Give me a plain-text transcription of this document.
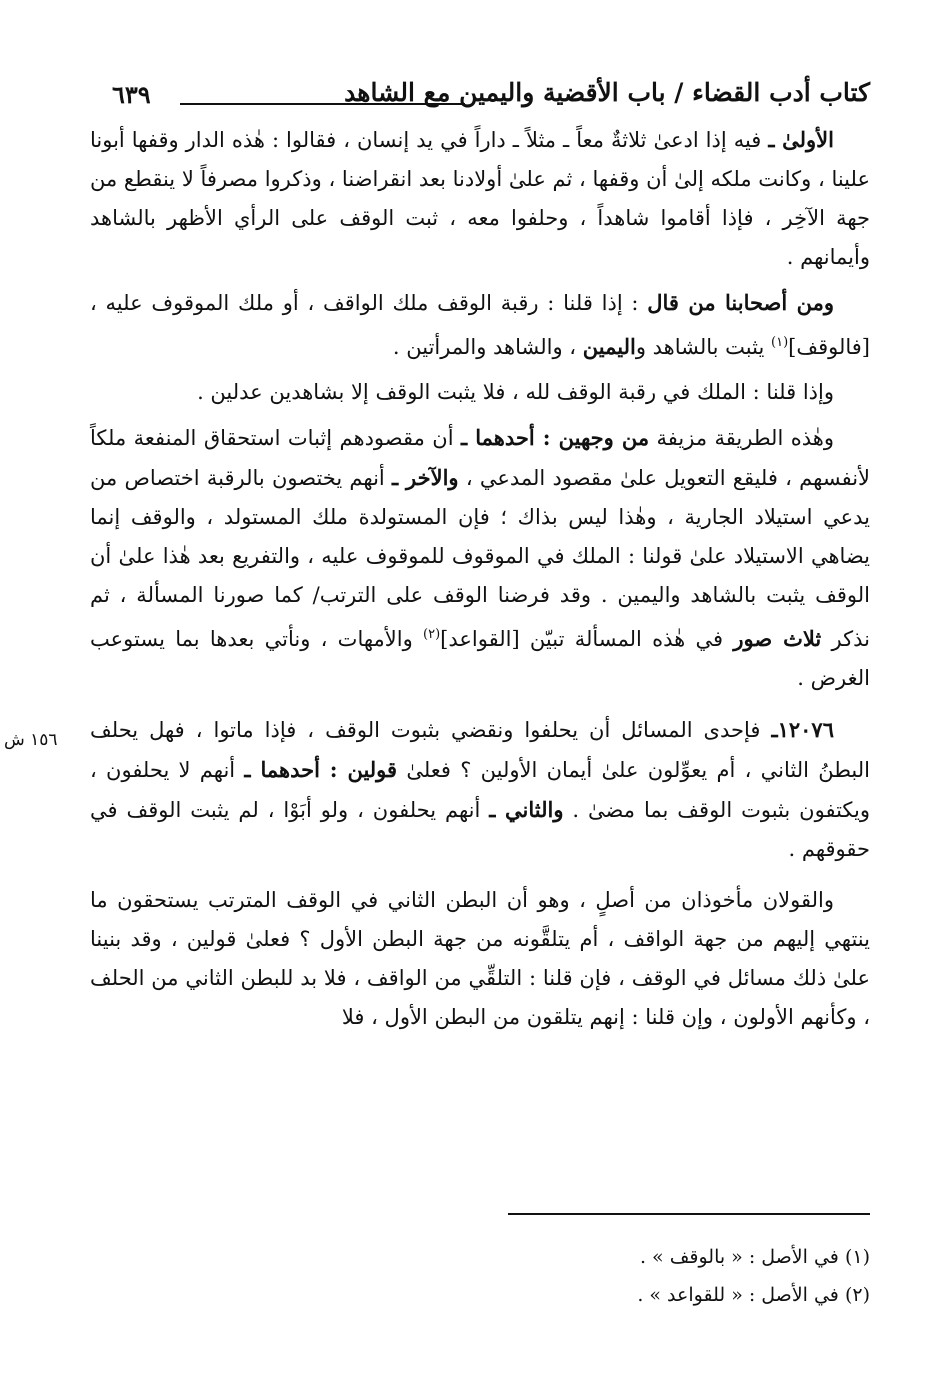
كتاب أدب القضاء / باب الأقضية واليمين مع الشاهد
٦٣٩

الأولىٰ ـ فيه إذا ادعىٰ ثلاثةٌ معاً ـ مثلاً ـ داراً في يد إنسان ، فقالوا : هٰذه الدار وقفها أبونا علينا ، وكانت ملكه إلىٰ أن وقفها ، ثم علىٰ أولادنا بعد انقراضنا ، وذكروا مصرفاً لا ينقطع من جهة الآخِر ، فإذا أقاموا شاهداً ، وحلفوا معه ، ثبت الوقف على الرأي الأظهر بالشاهد وأيمانهم .

ومن أصحابنا من قال : إذا قلنا : رقبة الوقف ملك الواقف ، أو ملك الموقوف عليه ، [فالوقف]$^{(١)}$ يثبت بالشاهد واليمين ، والشاهد والمرأتين .

وإذا قلنا : الملك في رقبة الوقف لله ، فلا يثبت الوقف إلا بشاهدين عدلين .

وهٰذه الطريقة مزيفة من وجهين : أحدهما ـ أن مقصودهم إثبات استحقاق المنفعة ملكاً لأنفسهم ، فليقع التعويل علىٰ مقصود المدعي ، والآخر ـ أنهم يختصون بالرقبة اختصاص من يدعي استيلاد الجارية ، وهٰذا ليس بذاك ؛ فإن المستولدة ملك المستولد ، والوقف إنما يضاهي الاستيلاد علىٰ قولنا : الملك في الموقوف للموقوف عليه ، والتفريع بعد هٰذا علىٰ أن الوقف يثبت بالشاهد واليمين . وقد فرضنا الوقف على الترتب/ كما صورنا المسألة ، ثم نذكر ثلاث صور في هٰذه المسألة تبيّن [القواعد]$^{(٢)}$ والأمهات ، ونأتي بعدها بما يستوعب الغرض .

١٢٠٧٦ـ فإحدى المسائل أن يحلفوا ونقضي بثبوت الوقف ، فإذا ماتوا ، فهل يحلف البطنُ الثاني ، أم يعوِّلون علىٰ أيمان الأولين ؟ فعلىٰ قولين : أحدهما ـ أنهم لا يحلفون ، ويكتفون بثبوت الوقف بما مضىٰ . والثاني ـ أنهم يحلفون ، ولو أبَوْا ، لم يثبت الوقف في حقوقهم .

والقولان مأخوذان من أصلٍ ، وهو أن البطن الثاني في الوقف المترتب يستحقون ما ينتهي إليهم من جهة الواقف ، أم يتلقَّونه من جهة البطن الأول ؟ فعلىٰ قولين ، وقد بنينا علىٰ ذلك مسائل في الوقف ، فإن قلنا : التلقِّي من الواقف ، فلا بد للبطن الثاني من الحلف ، وكأنهم الأولون ، وإن قلنا : إنهم يتلقون من البطن الأول ، فلا

١٥٦ ش
(١) في الأصل : « بالوقف » .
(٢) في الأصل : « للقواعد » .
